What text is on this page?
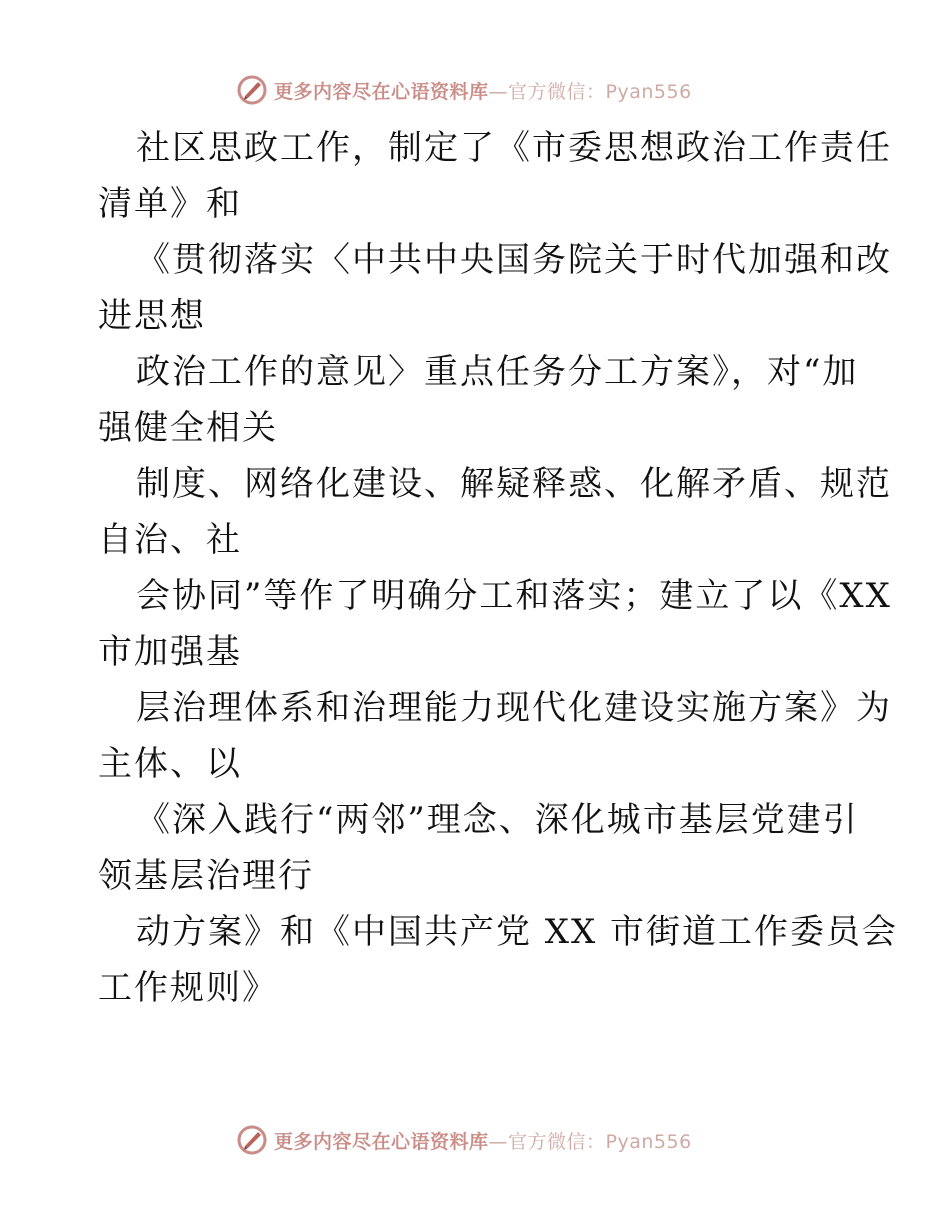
更多内容尽在心语资料库—官方微信：Pyan556
社区思政工作，制定了《市委思想政治工作责任
清单》和
《贯彻落实〈中共中央国务院关于时代加强和改
进思想
政治工作的意见〉重点任务分工方案》，对“加
强健全相关
制度、网络化建设、解疑释惑、化解矛盾、规范
自治、社
会协同”等作了明确分工和落实；建立了以《XX
市加强基
层治理体系和治理能力现代化建设实施方案》为
主体、以
《深入践行“两邻”理念、深化城市基层党建引
领基层治理行
动方案》和《中国共产党 XX 市街道工作委员会
工作规则》
更多内容尽在心语资料库—官方微信：Pyan556
